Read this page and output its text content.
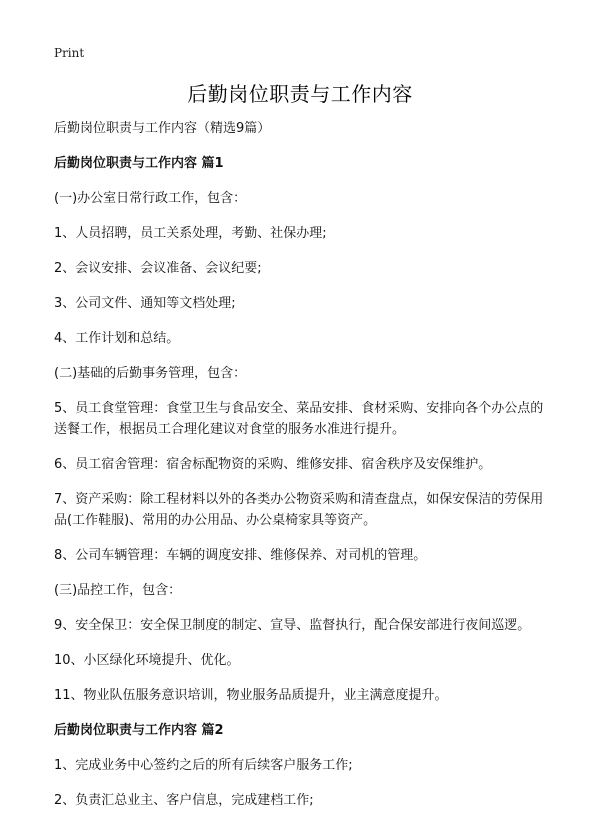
Print
后勤岗位职责与工作内容

后勤岗位职责与工作内容（精选9篇）

后勤岗位职责与工作内容 篇1

(一)办公室日常行政工作，包含：

1、人员招聘，员工关系处理，考勤、社保办理;

2、会议安排、会议准备、会议纪要;

3、公司文件、通知等文档处理;

4、工作计划和总结。

(二)基础的后勤事务管理，包含：

5、员工食堂管理：食堂卫生与食品安全、菜品安排、食材采购、安排向各个办公点的送餐工作，根据员工合理化建议对食堂的服务水准进行提升。

6、员工宿舍管理：宿舍标配物资的采购、维修安排、宿舍秩序及安保维护。

7、资产采购：除工程材料以外的各类办公物资采购和清查盘点，如保安保洁的劳保用品(工作鞋服)、常用的办公用品、办公桌椅家具等资产。

8、公司车辆管理：车辆的调度安排、维修保养、对司机的管理。

(三)品控工作，包含：

9、安全保卫：安全保卫制度的制定、宣导、监督执行，配合保安部进行夜间巡逻。

10、小区绿化环境提升、优化。

11、物业队伍服务意识培训，物业服务品质提升，业主满意度提升。

后勤岗位职责与工作内容 篇2

1、完成业务中心签约之后的所有后续客户服务工作;

2、负责汇总业主、客户信息，完成建档工作;
